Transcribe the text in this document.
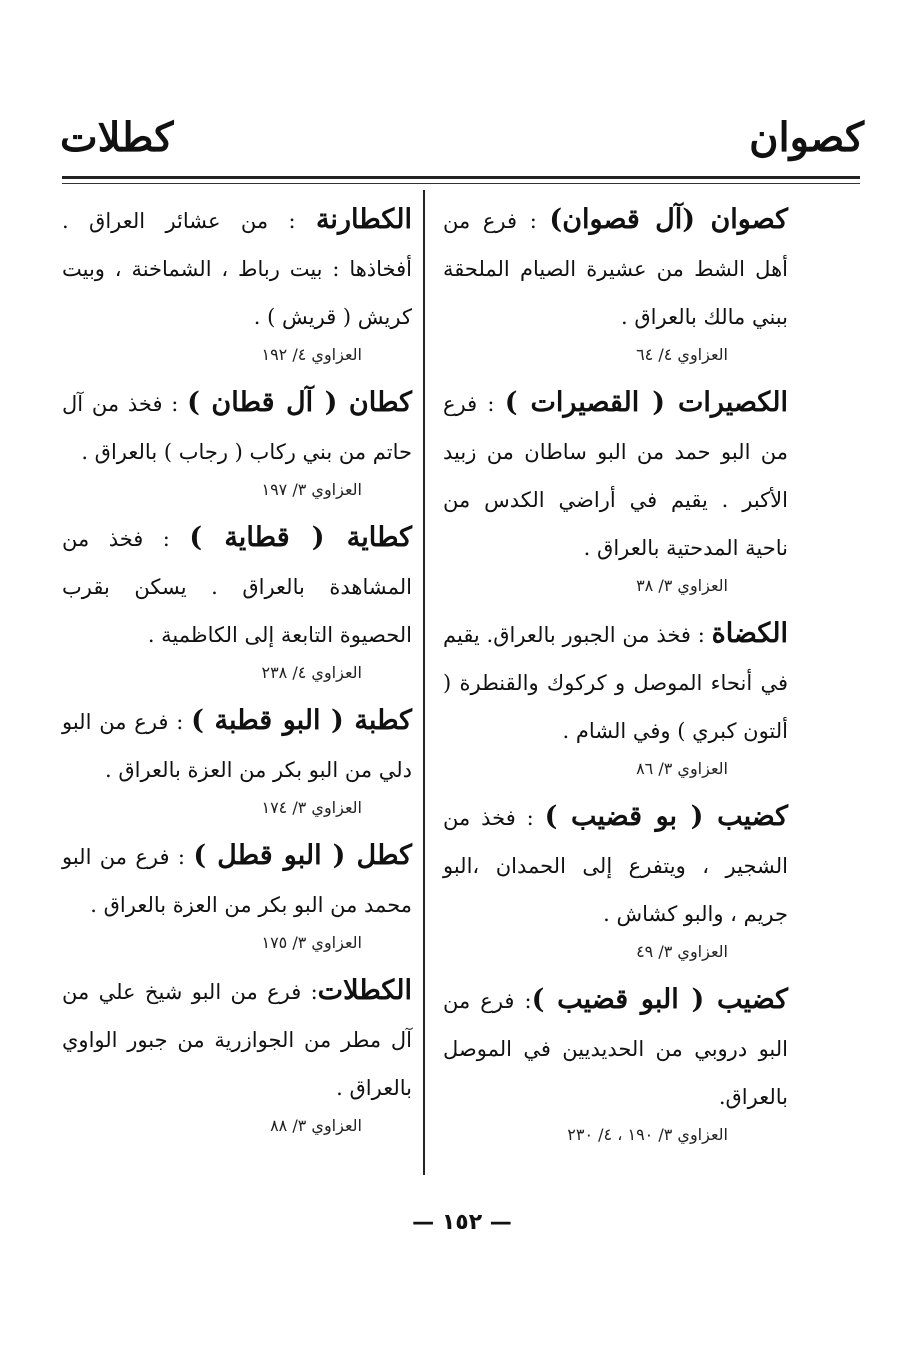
كصوان
كطلات

كصوان (آل قصوان) : فرع من أهل الشط من عشيرة الصيام الملحقة ببني مالك بالعراق .

العزاوي ٤/ ٦٤

الكصيرات ( القصيرات ) : فرع من البو حمد من البو ساطان من زبيد الأكبر . يقيم في أراضي الكدس من ناحية المدحتية بالعراق .

العزاوي ٣/ ٣٨

الكضاة : فخذ من الجبور بالعراق. يقيم في أنحاء الموصل و كركوك والقنطرة ( ألتون كبري ) وفي الشام .

العزاوي ٣/ ٨٦

كضيب ( بو قضيب ) : فخذ من الشجير ، ويتفرع إلى الحمدان ،البو جريم ، والبو كشاش .

العزاوي ٣/ ٤٩

كضيب ( البو قضيب ): فرع من البو دروبي من الحديديين في الموصل بالعراق.

العزاوي ٣/ ١٩٠ ، ٤/ ٢٣٠

الكطارنة : من عشائر العراق . أفخاذها : بيت رباط ، الشماخنة ، وبيت كريش ( قريش ) .

العزاوي ٤/ ١٩٢

كطان ( آل قطان ) : فخذ من آل حاتم من بني ركاب ( رجاب ) بالعراق .

العزاوي ٣/ ١٩٧

كطاية ( قطاية ) : فخذ من المشاهدة بالعراق . يسكن بقرب الحصيوة التابعة إلى الكاظمية .

العزاوي ٤/ ٢٣٨

كطبة ( البو قطبة ) : فرع من البو دلي من البو بكر من العزة بالعراق .

العزاوي ٣/ ١٧٤

كطل ( البو قطل ) : فرع من البو محمد من البو بكر من العزة بالعراق .

العزاوي ٣/ ١٧٥

الكطلات: فرع من البو شيخ علي من آل مطر من الجوازرية من جبور الواوي بالعراق .

العزاوي ٣/ ٨٨
— ١٥٢ —
